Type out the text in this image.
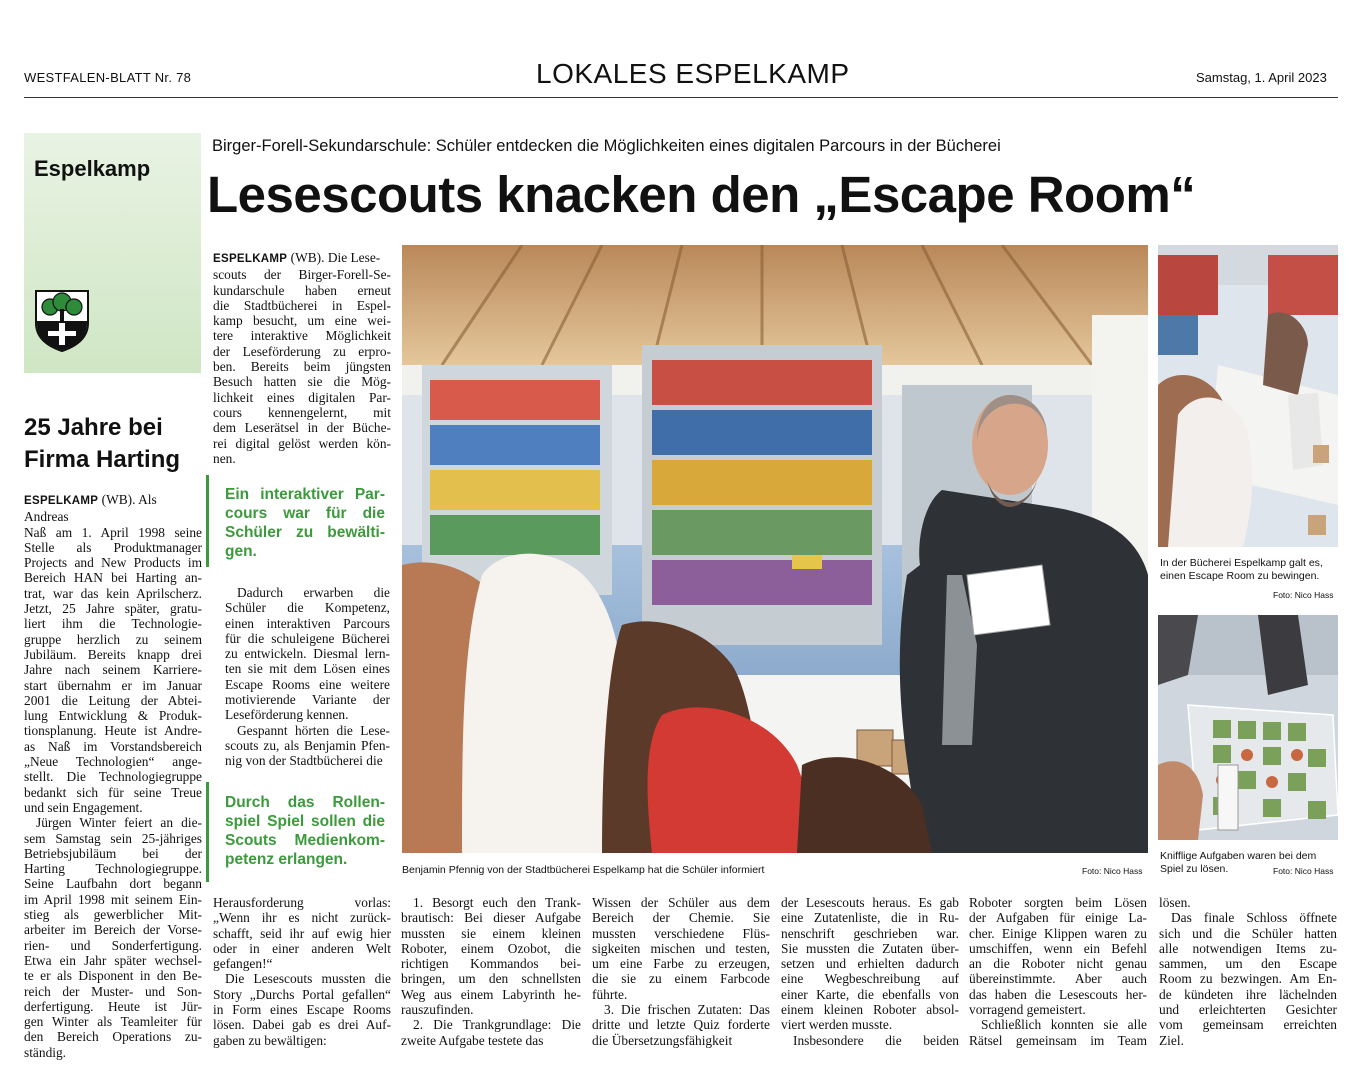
WESTFALEN-BLATT Nr. 78	LOKALES ESPELKAMP	Samstag, 1. April 2023
Espelkamp
25 Jahre bei
Firma Harting
ESPELKAMP (WB). Als Andreas
Naß am 1. April 1998 seine
Stelle als Produktmanager
Projects and New Products im
Bereich HAN bei Harting an-
trat, war das kein Aprilscherz.
Jetzt, 25 Jahre später, gratu-
liert ihm die Technologie-
gruppe herzlich zu seinem
Jubiläum. Bereits knapp drei
Jahre nach seinem Karriere-
start übernahm er im Januar
2001 die Leitung der Abtei-
lung Entwicklung & Produk-
tionsplanung. Heute ist Andre-
as Naß im Vorstandsbereich
„Neue Technologien“ ange-
stellt. Die Technologiegruppe
bedankt sich für seine Treue
und sein Engagement.
Jürgen Winter feiert an die-
sem Samstag sein 25-jähriges
Betriebsjubiläum bei der
Harting Technologiegruppe.
Seine Laufbahn dort begann
im April 1998 mit seinem Ein-
stieg als gewerblicher Mit-
arbeiter im Bereich der Vorse-
rien- und Sonderfertigung.
Etwa ein Jahr später wechsel-
te er als Disponent in den Be-
reich der Muster- und Son-
derfertigung. Heute ist Jür-
gen Winter als Teamleiter für
den Bereich Operations zu-
ständig.
Birger-Forell-Sekundarschule: Schüler entdecken die Möglichkeiten eines digitalen Parcours in der Bücherei
Lesescouts knacken den „Escape Room“
ESPELKAMP (WB). Die Lese-
scouts der Birger-Forell-Se-
kundarschule haben erneut
die Stadtbücherei in Espel-
kamp besucht, um eine wei-
tere interaktive Möglichkeit
der Leseförderung zu erpro-
ben. Bereits beim jüngsten
Besuch hatten sie die Mög-
lichkeit eines digitalen Par-
cours kennengelernt, mit
dem Leserätsel in der Büche-
rei digital gelöst werden kön-
nen.
Ein interaktiver Par-
cours war für die
Schüler zu bewälti-
gen.
Dadurch erwarben die
Schüler die Kompetenz,
einen interaktiven Parcours
für die schuleigene Bücherei
zu entwickeln. Diesmal lern-
ten sie mit dem Lösen eines
Escape Rooms eine weitere
motivierende Variante der
Leseförderung kennen.
Gespannt hörten die Lese-
scouts zu, als Benjamin Pfen-
nig von der Stadtbücherei die
Durch das Rollen-
spiel Spiel sollen die
Scouts Medienkom-
petenz erlangen.
Herausforderung vorlas:
„Wenn ihr es nicht zurück-
schafft, seid ihr auf ewig hier
oder in einer anderen Welt
gefangen!“
Die Lesescouts mussten die
Story „Durchs Portal gefallen“
in Form eines Escape Rooms
lösen. Dabei gab es drei Auf-
gaben zu bewältigen:
Benjamin Pfennig von der Stadtbücherei Espelkamp hat die Schüler informiert	Foto: Nico Hass
In der Bücherei Espelkamp galt es,
einen Escape Room zu bewingen.
Foto: Nico Hass
Knifflige Aufgaben waren bei dem
Spiel zu lösen.	Foto: Nico Hass
1. Besorgt euch den Trank-
brautisch: Bei dieser Aufgabe
mussten sie einem kleinen
Roboter, einem Ozobot, die
richtigen Kommandos bei-
bringen, um den schnellsten
Weg aus einem Labyrinth he-
rauszufinden.
2. Die Trankgrundlage: Die
zweite Aufgabe testete das
Wissen der Schüler aus dem
Bereich der Chemie. Sie
mussten verschiedene Flüs-
sigkeiten mischen und testen,
um eine Farbe zu erzeugen,
die sie zu einem Farbcode
führte.
3. Die frischen Zutaten: Das
dritte und letzte Quiz forderte
die Übersetzungsfähigkeit
der Lesescouts heraus. Es gab
eine Zutatenliste, die in Ru-
nenschrift geschrieben war.
Sie mussten die Zutaten über-
setzen und erhielten dadurch
eine Wegbeschreibung auf
einer Karte, die ebenfalls von
einem kleinen Roboter absol-
viert werden musste.
Insbesondere die beiden
Roboter sorgten beim Lösen
der Aufgaben für einige La-
cher. Einige Klippen waren zu
umschiffen, wenn ein Befehl
an die Roboter nicht genau
übereinstimmte. Aber auch
das haben die Lesescouts her-
vorragend gemeistert.
Schließlich konnten sie alle
Rätsel gemeinsam im Team
lösen.
Das finale Schloss öffnete
sich und die Schüler hatten
alle notwendigen Items zu-
sammen, um den Escape
Room zu bezwingen. Am En-
de kündeten ihre lächelnden
und erleichterten Gesichter
vom gemeinsam erreichten
Ziel.
